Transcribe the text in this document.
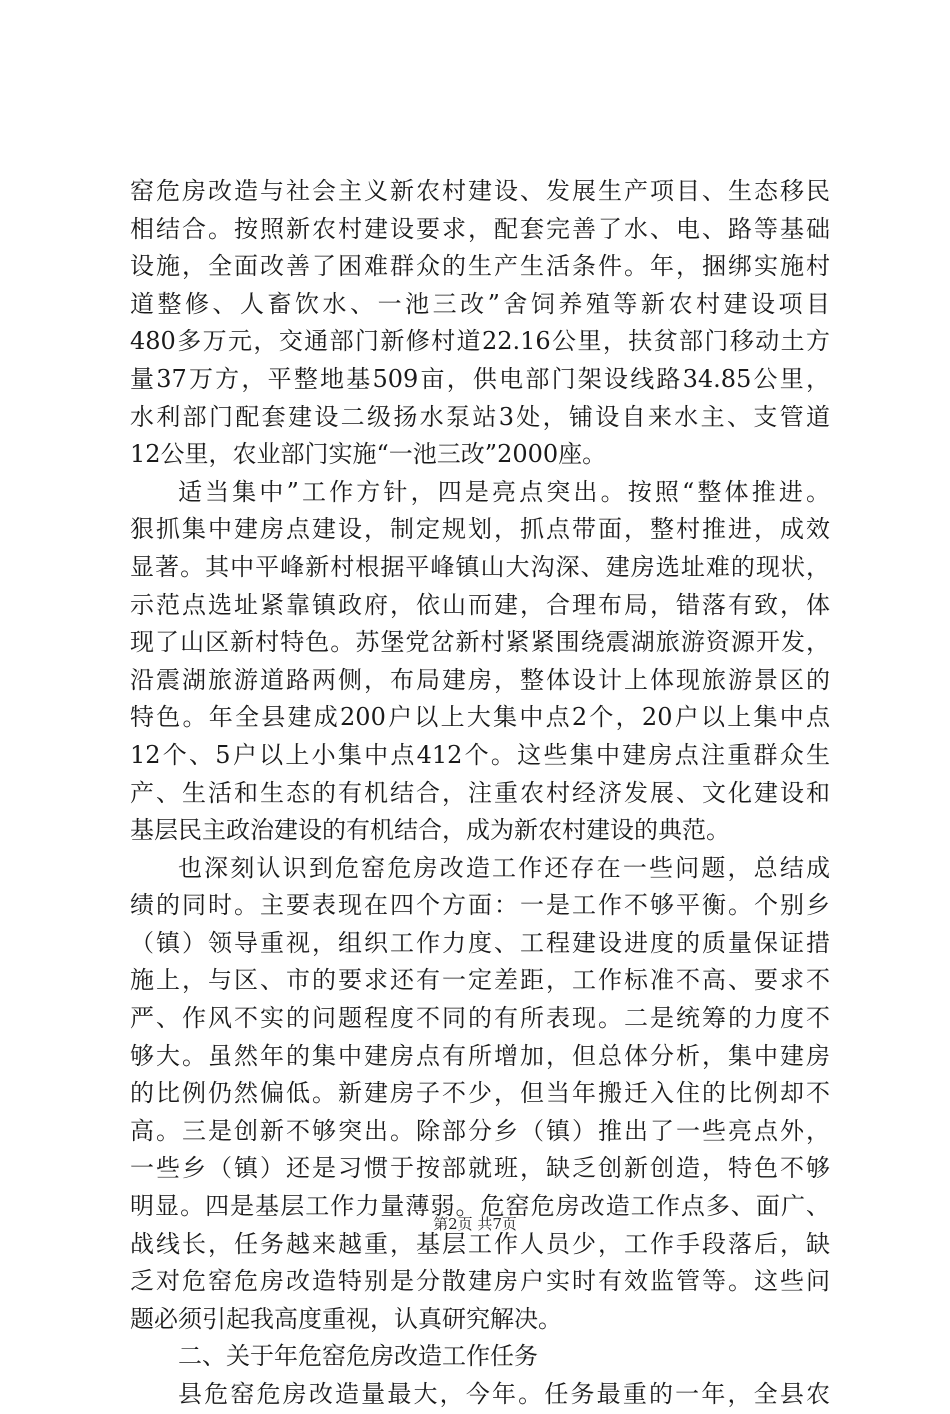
窑危房改造与社会主义新农村建设、发展生产项目、生态移民
相结合。按照新农村建设要求，配套完善了水、电、路等基础
设施，全面改善了困难群众的生产生活条件。年，捆绑实施村
道整修、人畜饮水、一池三改”舍饲养殖等新农村建设项目
480多万元，交通部门新修村道22.16公里，扶贫部门移动土方
量37万方，平整地基509亩，供电部门架设线路34.85公里，
水利部门配套建设二级扬水泵站3处，铺设自来水主、支管道
12公里，农业部门实施“一池三改”2000座。
适当集中”工作方针，四是亮点突出。按照“整体推进。
狠抓集中建房点建设，制定规划，抓点带面，整村推进，成效
显著。其中平峰新村根据平峰镇山大沟深、建房选址难的现状，
示范点选址紧靠镇政府，依山而建，合理布局，错落有致，体
现了山区新村特色。苏堡党岔新村紧紧围绕震湖旅游资源开发，
沿震湖旅游道路两侧，布局建房，整体设计上体现旅游景区的
特色。年全县建成200户以上大集中点2个，20户以上集中点
12个、5户以上小集中点412个。这些集中建房点注重群众生
产、生活和生态的有机结合，注重农村经济发展、文化建设和
基层民主政治建设的有机结合，成为新农村建设的典范。
也深刻认识到危窑危房改造工作还存在一些问题，总结成
绩的同时。主要表现在四个方面：一是工作不够平衡。个别乡
（镇）领导重视，组织工作力度、工程建设进度的质量保证措
施上，与区、市的要求还有一定差距，工作标准不高、要求不
严、作风不实的问题程度不同的有所表现。二是统筹的力度不
够大。虽然年的集中建房点有所增加，但总体分析，集中建房
的比例仍然偏低。新建房子不少，但当年搬迁入住的比例却不
高。三是创新不够突出。除部分乡（镇）推出了一些亮点外，
一些乡（镇）还是习惯于按部就班，缺乏创新创造，特色不够
明显。四是基层工作力量薄弱。危窑危房改造工作点多、面广、
战线长，任务越来越重，基层工作人员少，工作手段落后，缺
乏对危窑危房改造特别是分散建房户实时有效监管等。这些问
题必须引起我高度重视，认真研究解决。
二、关于年危窑危房改造工作任务
县危窑危房改造量最大，今年。任务最重的一年，全县农
第2页 共7页
